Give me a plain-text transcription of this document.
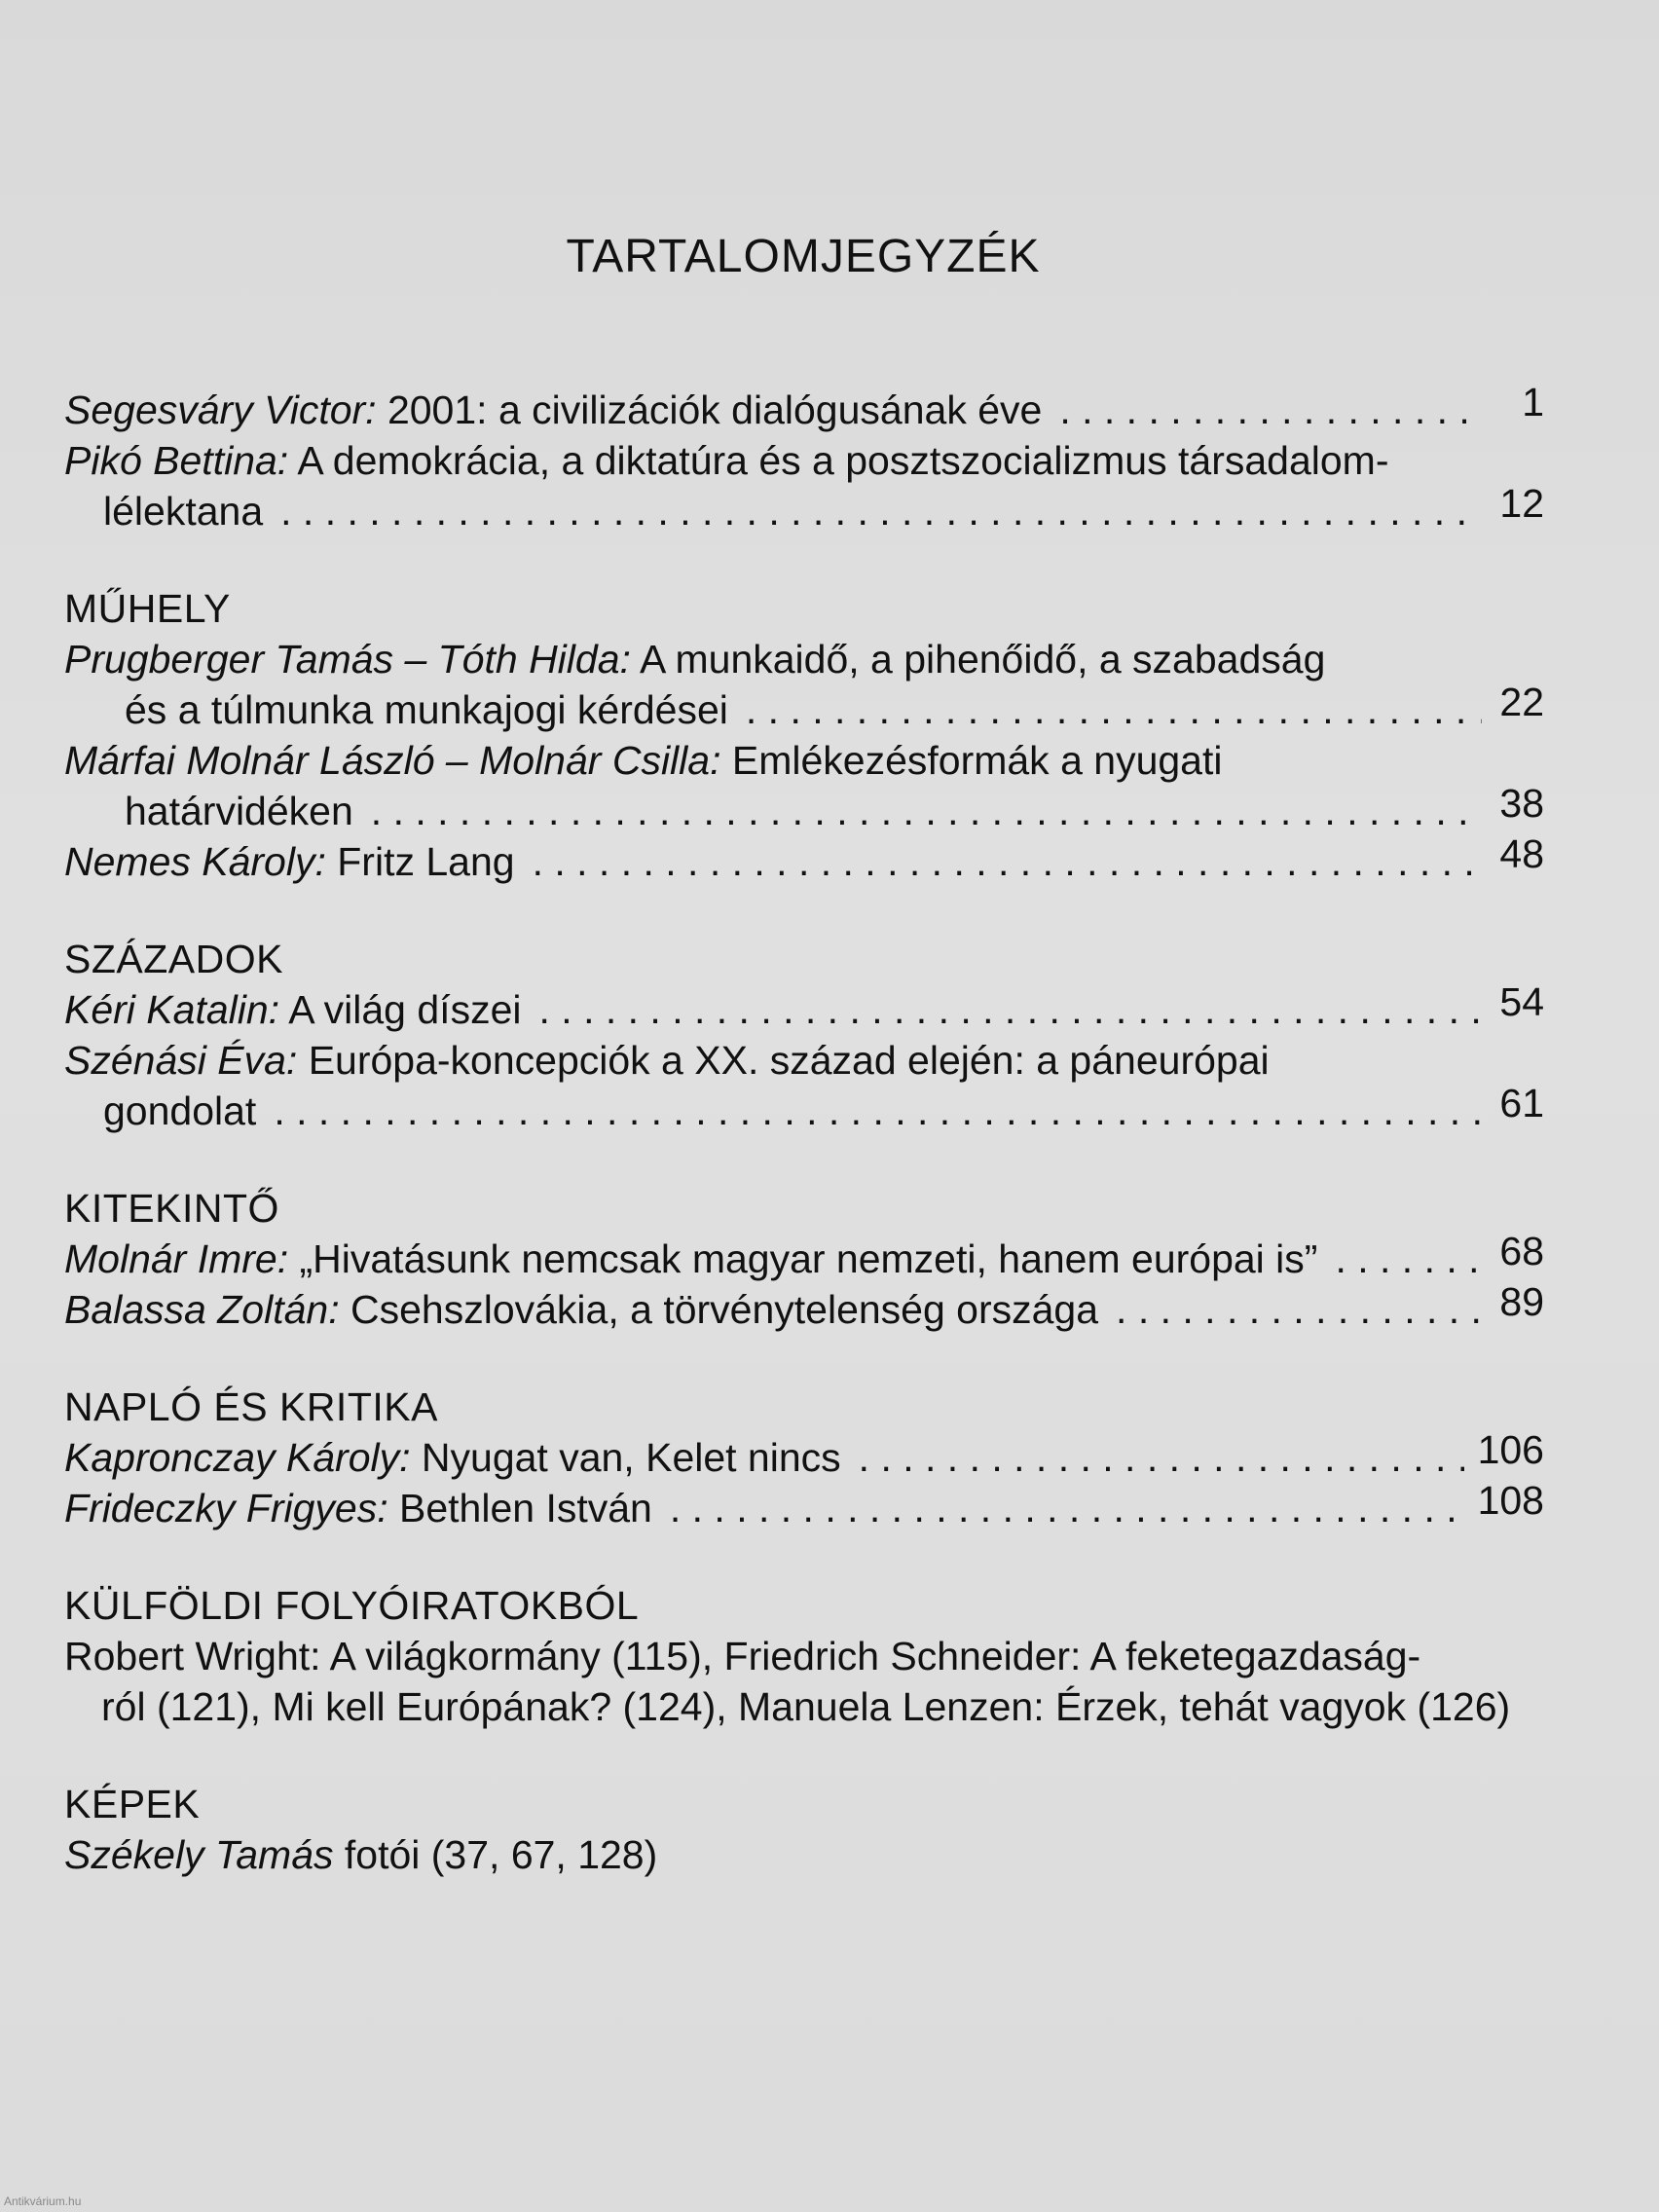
TARTALOMJEGYZÉK
Segesváry Victor: 2001: a civilizációk dialógusának éve . . .	1
Pikó Bettina: A demokrácia, a diktatúra és a posztszocializmus társadalom-
lélektana . . .	12
MŰHELY
Prugberger Tamás – Tóth Hilda: A munkaidő, a pihenőidő, a szabadság
és a túlmunka munkajogi kérdései . . .	22
Márfai Molnár László – Molnár Csilla: Emlékezésformák a nyugati
határvidéken . . .	38
Nemes Károly: Fritz Lang . . .	48
SZÁZADOK
Kéri Katalin: A világ díszei . . .	54
Szénási Éva: Európa-koncepciók a XX. század elején: a páneurópai
gondolat . . .	61
KITEKINTŐ
Molnár Imre: „Hivatásunk nemcsak magyar nemzeti, hanem európai is” . . .	68
Balassa Zoltán: Csehszlovákia, a törvénytelenség országa . . .	89
NAPLÓ ÉS KRITIKA
Kapronczay Károly: Nyugat van, Kelet nincs . . .	106
Frideczky Frigyes: Bethlen István . . .	108
KÜLFÖLDI FOLYÓIRATOKBÓL
Robert Wright: A világkormány (115), Friedrich Schneider: A feketegazdaság-
ról (121), Mi kell Európának? (124), Manuela Lenzen: Érzek, tehát vagyok (126)
KÉPEK
Székely Tamás fotói (37, 67, 128)
Antikvárium.hu
